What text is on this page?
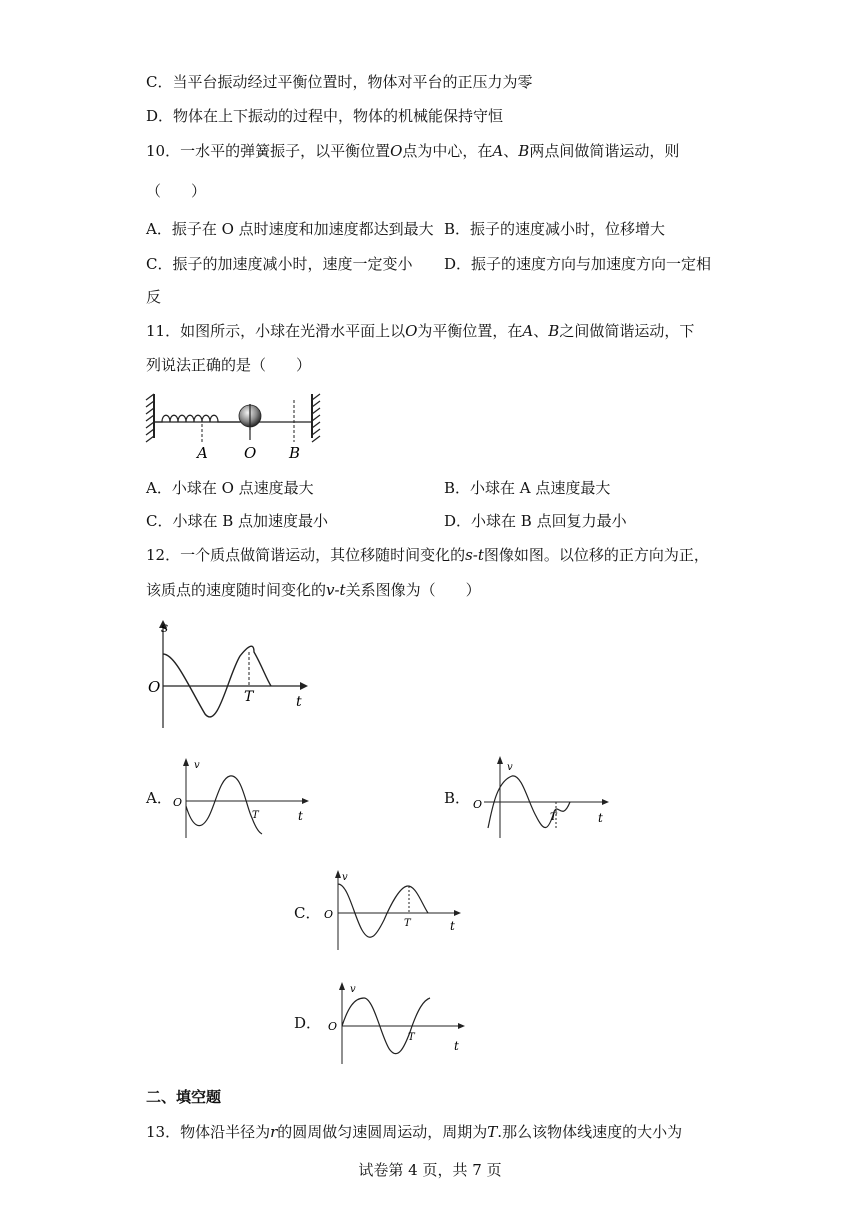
C．当平台振动经过平衡位置时，物体对平台的正压力为零
D．物体在上下振动的过程中，物体的机械能保持守恒
10．一水平的弹簧振子，以平衡位置O点为中心，在A、B两点间做简谐运动，则
（　　）
A．振子在 O 点时速度和加速度都达到最大 B．振子的速度减小时，位移增大
C．振子的加速度减小时，速度一定变小 D．振子的速度方向与加速度方向一定相
反
11．如图所示，小球在光滑水平面上以O为平衡位置，在A、B之间做简谐运动，下
列说法正确的是（　　）
A O B
A．小球在 O 点速度最大	B．小球在 A 点速度最大
C．小球在 B 点加速度最小	D．小球在 B 点回复力最小
12．一个质点做简谐运动，其位移随时间变化的s-t图像如图。以位移的正方向为正，
该质点的速度随时间变化的v-t关系图像为（　　）
s
O
T	t
A．
v
O
T	t
B．
v
O
T	t
C．
v
O
T	t
D．
v
O
T
t
二、填空题
13．物体沿半径为r的圆周做匀速圆周运动，周期为T.那么该物体线速度的大小为
试卷第 4 页，共 7 页
